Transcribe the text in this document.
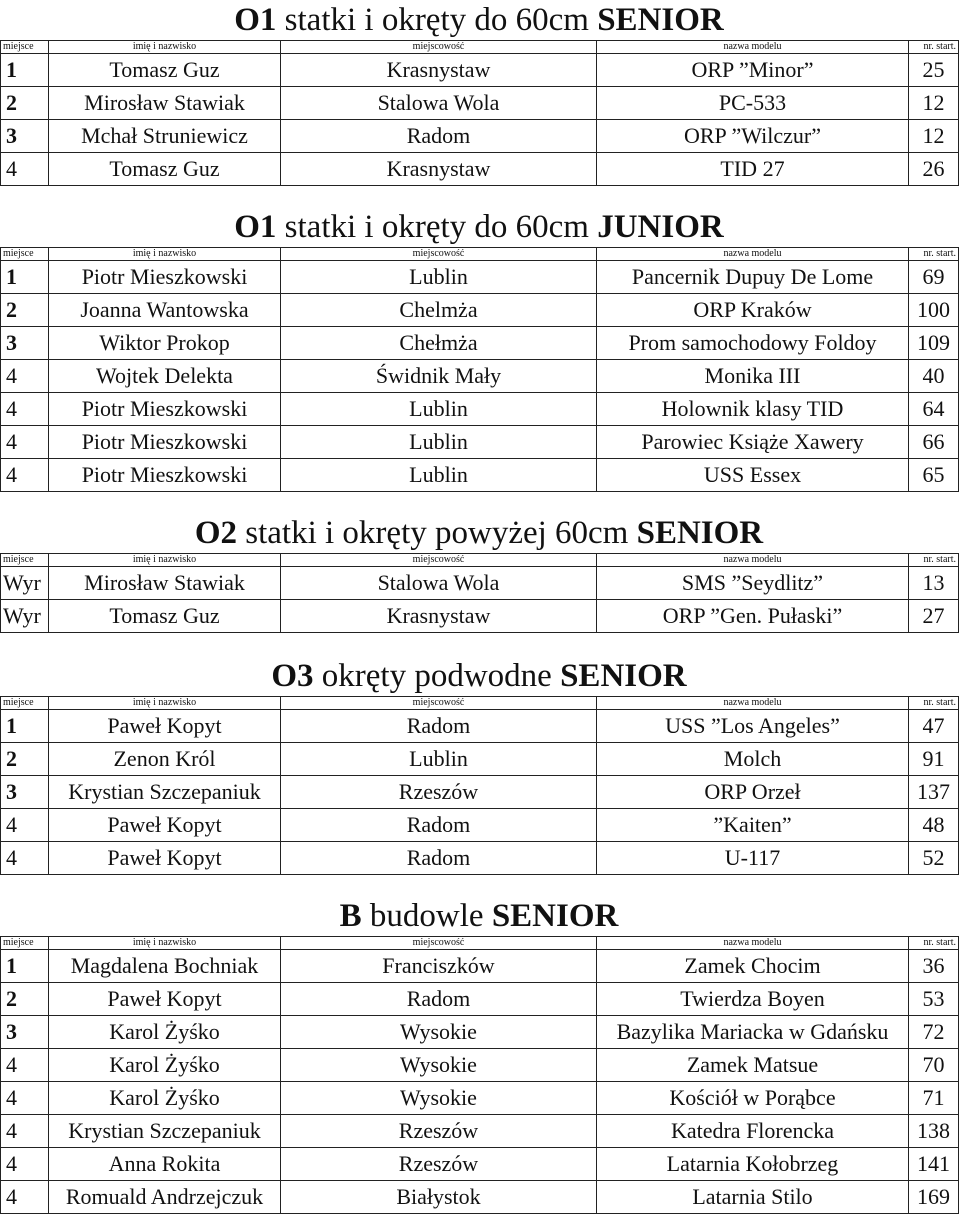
O1 statki i okręty do 60cm SENIOR
miejsce	imię i nazwisko	miejscowość	nazwa modelu	nr. start.
1	Tomasz Guz	Krasnystaw	ORP ”Minor”	25
2	Mirosław Stawiak	Stalowa Wola	PC-533	12
3	Mchał Struniewicz	Radom	ORP ”Wilczur”	12
4	Tomasz Guz	Krasnystaw	TID 27	26
O1 statki i okręty do 60cm JUNIOR
miejsce	imię i nazwisko	miejscowość	nazwa modelu	nr. start.
1	Piotr Mieszkowski	Lublin	Pancernik Dupuy De Lome	69
2	Joanna Wantowska	Chelmża	ORP Kraków	100
3	Wiktor Prokop	Chełmża	Prom samochodowy Foldoy	109
4	Wojtek Delekta	Świdnik Mały	Monika III	40
4	Piotr Mieszkowski	Lublin	Holownik klasy TID	64
4	Piotr Mieszkowski	Lublin	Parowiec Książe Xawery	66
4	Piotr Mieszkowski	Lublin	USS Essex	65
O2 statki i okręty powyżej 60cm SENIOR
miejsce	imię i nazwisko	miejscowość	nazwa modelu	nr. start.
Wyr	Mirosław Stawiak	Stalowa Wola	SMS ”Seydlitz”	13
Wyr	Tomasz Guz	Krasnystaw	ORP ”Gen. Pułaski”	27
O3 okręty podwodne SENIOR
miejsce	imię i nazwisko	miejscowość	nazwa modelu	nr. start.
1	Paweł Kopyt	Radom	USS ”Los Angeles”	47
2	Zenon Król	Lublin	Molch	91
3	Krystian Szczepaniuk	Rzeszów	ORP Orzeł	137
4	Paweł Kopyt	Radom	”Kaiten”	48
4	Paweł Kopyt	Radom	U-117	52
B budowle SENIOR
miejsce	imię i nazwisko	miejscowość	nazwa modelu	nr. start.
1	Magdalena Bochniak	Franciszków	Zamek Chocim	36
2	Paweł Kopyt	Radom	Twierdza Boyen	53
3	Karol Żyśko	Wysokie	Bazylika Mariacka w Gdańsku	72
4	Karol Żyśko	Wysokie	Zamek Matsue	70
4	Karol Żyśko	Wysokie	Kościół w Porąbce	71
4	Krystian Szczepaniuk	Rzeszów	Katedra Florencka	138
4	Anna Rokita	Rzeszów	Latarnia Kołobrzeg	141
4	Romuald Andrzejczuk	Białystok	Latarnia Stilo	169
